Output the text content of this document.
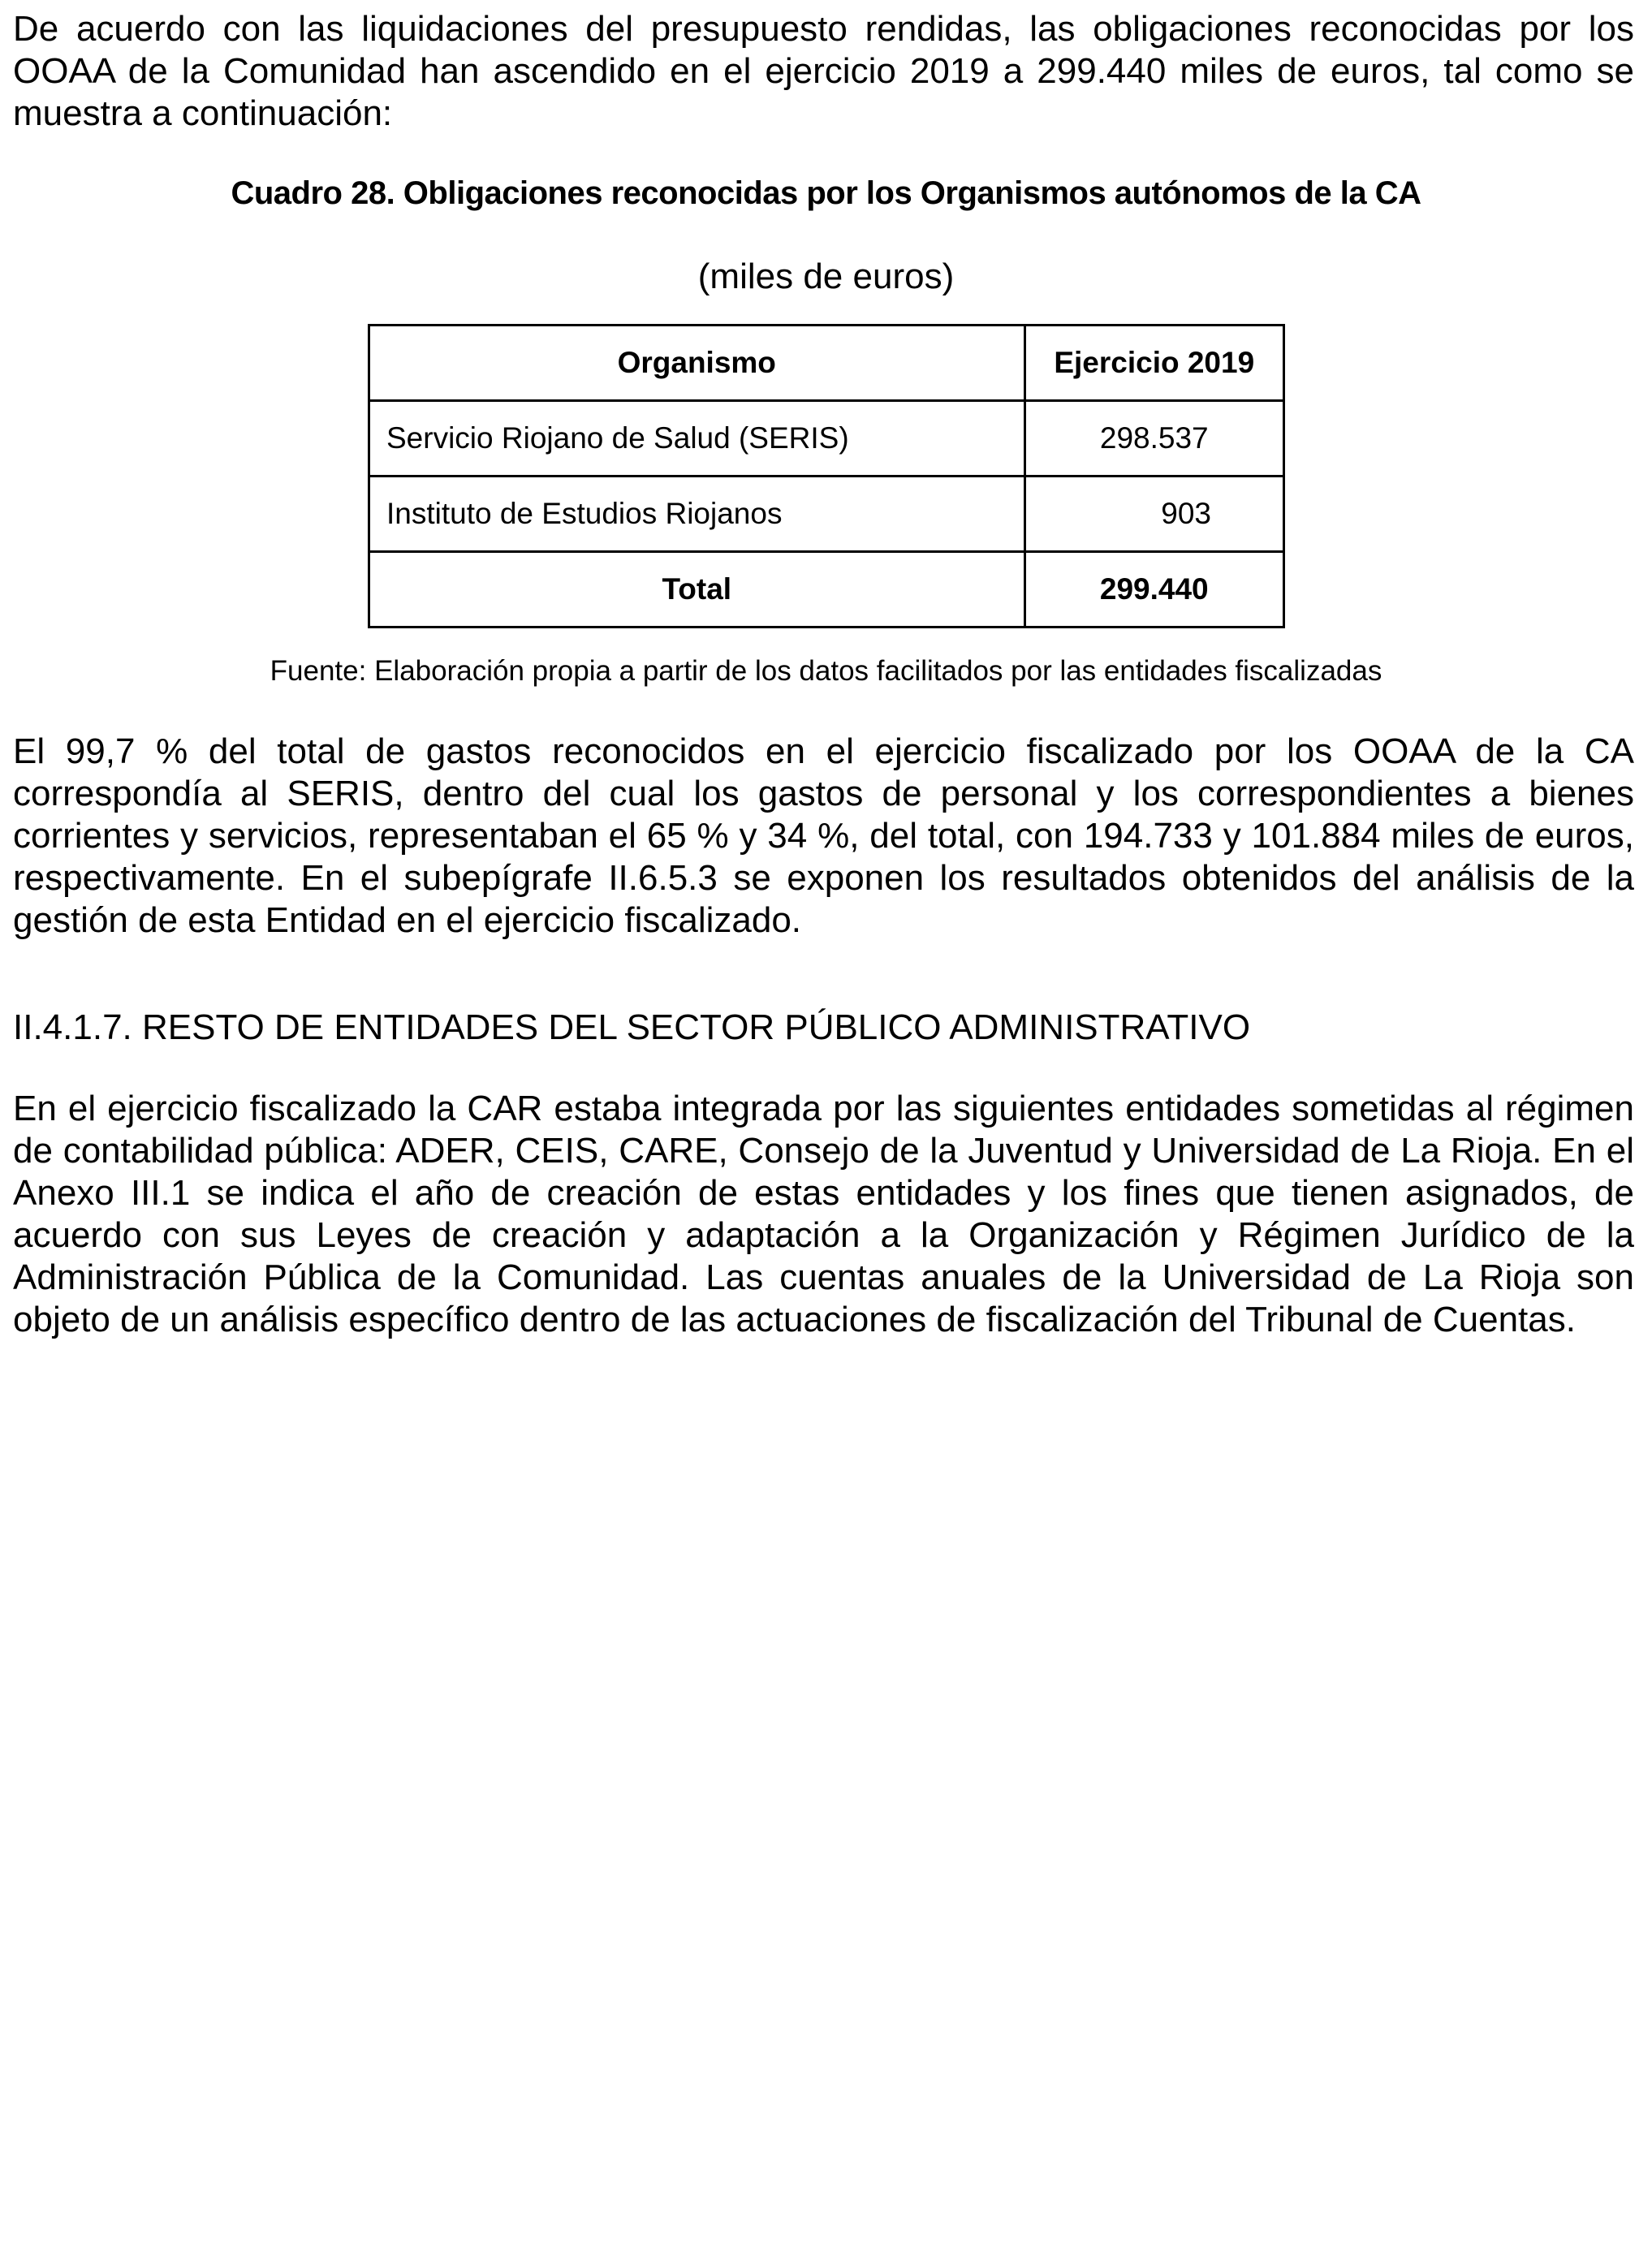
De acuerdo con las liquidaciones del presupuesto rendidas, las obligaciones reconocidas por los OOAA de la Comunidad han ascendido en el ejercicio 2019 a 299.440 miles de euros, tal como se muestra a continuación:

Cuadro 28. Obligaciones reconocidas por los Organismos autónomos de la CA
(miles de euros)
Organismo	Ejercicio 2019
Servicio Riojano de Salud (SERIS)	298.537
Instituto de Estudios Riojanos	903
Total	299.440
Fuente: Elaboración propia a partir de los datos facilitados por las entidades fiscalizadas

El 99,7 % del total de gastos reconocidos en el ejercicio fiscalizado por los OOAA de la CA correspondía al SERIS, dentro del cual los gastos de personal y los correspondientes a bienes corrientes y servicios, representaban el 65 % y 34 %, del total, con 194.733 y 101.884 miles de euros, respectivamente. En el subepígrafe II.6.5.3 se exponen los resultados obtenidos del análisis de la gestión de esta Entidad en el ejercicio fiscalizado.

II.4.1.7. RESTO DE ENTIDADES DEL SECTOR PÚBLICO ADMINISTRATIVO

En el ejercicio fiscalizado la CAR estaba integrada por las siguientes entidades sometidas al régimen de contabilidad pública: ADER, CEIS, CARE, Consejo de la Juventud y Universidad de La Rioja. En el Anexo III.1 se indica el año de creación de estas entidades y los fines que tienen asignados, de acuerdo con sus Leyes de creación y adaptación a la Organización y Régimen Jurídico de la Administración Pública de la Comunidad. Las cuentas anuales de la Universidad de La Rioja son objeto de un análisis específico dentro de las actuaciones de fiscalización del Tribunal de Cuentas.
